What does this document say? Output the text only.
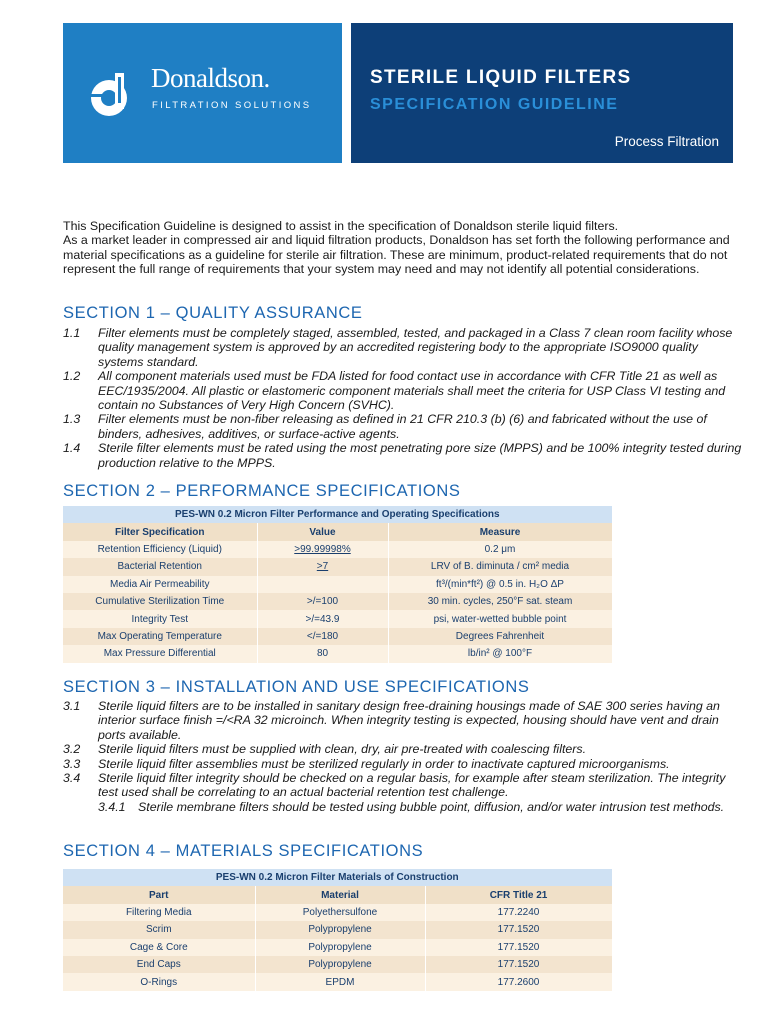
Donaldson.
FILTRATION SOLUTIONS
STERILE LIQUID FILTERS
SPECIFICATION GUIDELINE
Process Filtration

This Specification Guideline is designed to assist in the specification of Donaldson sterile liquid filters.

As a market leader in compressed air and liquid filtration products, Donaldson has set forth the following performance and material specifications as a guideline for sterile air filtration. These are minimum, product-related requirements that do not represent the full range of requirements that your system may need and may not identify all potential considerations.

SECTION 1 – QUALITY ASSURANCE
1.1 Filter elements must be completely staged, assembled, tested, and packaged in a Class 7 clean room facility whose quality management system is approved by an accredited registering body to the appropriate ISO9000 quality systems standard.
1.2 All component materials used must be FDA listed for food contact use in accordance with CFR Title 21 as well as EEC/1935/2004. All plastic or elastomeric component materials shall meet the criteria for USP Class VI testing and contain no Substances of Very High Concern (SVHC).
1.3 Filter elements must be non-fiber releasing as defined in 21 CFR 210.3 (b) (6) and fabricated without the use of binders, adhesives, additives, or surface-active agents.
1.4 Sterile filter elements must be rated using the most penetrating pore size (MPPS) and be 100% integrity tested during production relative to the MPPS.
SECTION 2 – PERFORMANCE SPECIFICATIONS
PES-WN 0.2 Micron Filter Performance and Operating Specifications		
Filter Specification	Value	Measure
Retention Efficiency (Liquid)	>99.99998%	0.2 μm
Bacterial Retention	>7	LRV of B. diminuta / cm² media
Media Air Permeability		ft³/(min*ft²) @ 0.5 in. H₂O ΔP
Cumulative Sterilization Time	>/=100	30 min. cycles, 250°F sat. steam
Integrity Test	>/=43.9	psi, water-wetted bubble point
Max Operating Temperature	</=180	Degrees Fahrenheit
Max Pressure Differential	80	lb/in² @ 100°F
SECTION 3 – INSTALLATION AND USE SPECIFICATIONS
3.1 Sterile liquid filters are to be installed in sanitary design free-draining housings made of SAE 300 series having an interior surface finish =/<RA 32 microinch. When integrity testing is expected, housing should have vent and drain ports available.
3.2 Sterile liquid filters must be supplied with clean, dry, air pre-treated with coalescing filters.
3.3 Sterile liquid filter assemblies must be sterilized regularly in order to inactivate captured microorganisms.
3.4 Sterile liquid filter integrity should be checked on a regular basis, for example after steam sterilization. The integrity test used shall be correlating to an actual bacterial retention test challenge.
3.4.1 Sterile membrane filters should be tested using bubble point, diffusion, and/or water intrusion test methods.
SECTION 4 – MATERIALS SPECIFICATIONS
PES-WN 0.2 Micron Filter Materials of Construction		
Part	Material	CFR Title 21
Filtering Media	Polyethersulfone	177.2240
Scrim	Polypropylene	177.1520
Cage & Core	Polypropylene	177.1520
End Caps	Polypropylene	177.1520
O-Rings	EPDM	177.2600
